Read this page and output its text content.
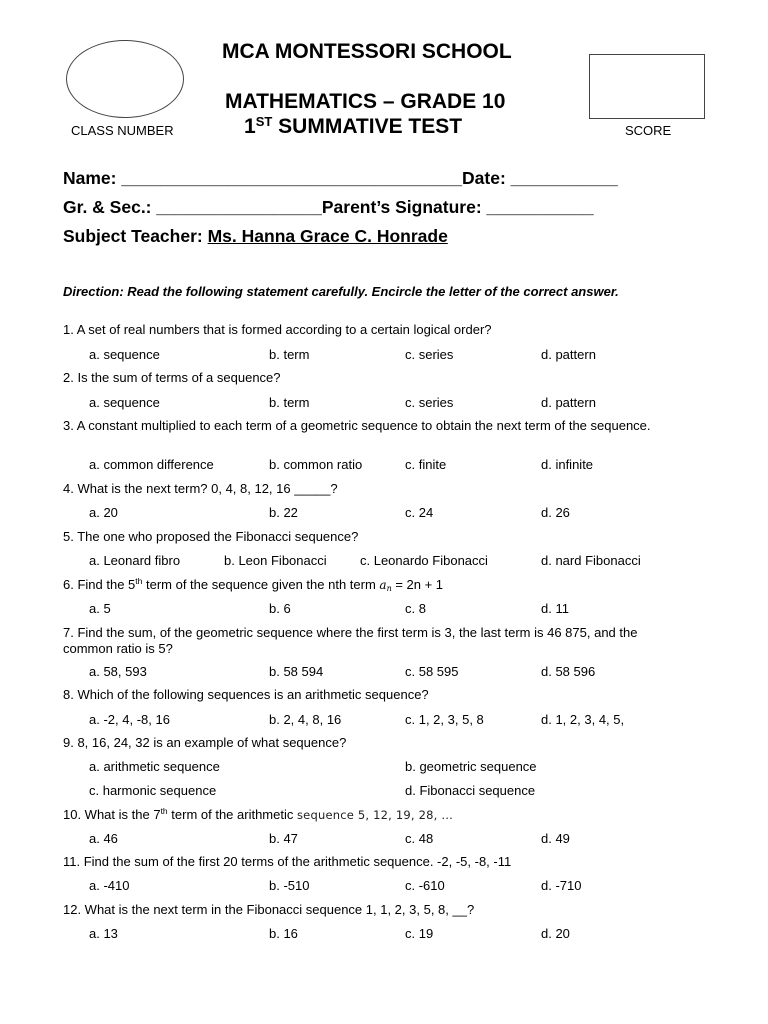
CLASS NUMBER	SCORE
MCA MONTESSORI SCHOOL
MATHEMATICS – GRADE 10
1ST SUMMATIVE TEST
Name: ___________________________________Date: ___________
Gr. & Sec.: _________________Parent’s Signature: ___________
Subject Teacher: Ms. Hanna Grace C. Honrade
Direction: Read the following statement carefully. Encircle the letter of the correct answer.
1. A set of real numbers that is formed according to a certain logical order?
a. sequence	b. term	c. series	d. pattern
2. Is the sum of terms of a sequence?
a. sequence	b. term	c. series	d. pattern
3. A constant multiplied to each term of a geometric sequence to obtain the next term of the sequence.
a. common difference	b. common ratio	c. finite	d. infinite
4. What is the next term? 0, 4, 8, 12, 16 _____?
a. 20	b. 22	c. 24	d. 26
5. The one who proposed the Fibonacci sequence?
a. Leonard fibro	b. Leon Fibonacci	c. Leonardo Fibonacci	d. nard Fibonacci
6. Find the 5th term of the sequence given the nth term $a_n = 2n + 1$
a. 5	b. 6	c. 8	d. 11
7. Find the sum, of the geometric sequence where the first term is 3, the last term is 46 875, and the common ratio is 5?
a. 58, 593	b. 58 594	c. 58 595	d. 58 596
8. Which of the following sequences is an arithmetic sequence?
a. -2, 4, -8, 16	b. 2, 4, 8, 16	c. 1, 2, 3, 5, 8	d. 1, 2, 3, 4, 5,
9. 8, 16, 24, 32 is an example of what sequence?
a. arithmetic sequence	b. geometric sequence
c. harmonic sequence	d. Fibonacci sequence
10. What is the 7th term of the arithmetic sequence 5, 12, 19, 28, …
a. 46	b. 47	c. 48	d. 49
11. Find the sum of the first 20 terms of the arithmetic sequence. -2, -5, -8, -11
a. -410	b. -510	c. -610	d. -710
12. What is the next term in the Fibonacci sequence 1, 1, 2, 3, 5, 8, __?
a. 13	b. 16	c. 19	d. 20
